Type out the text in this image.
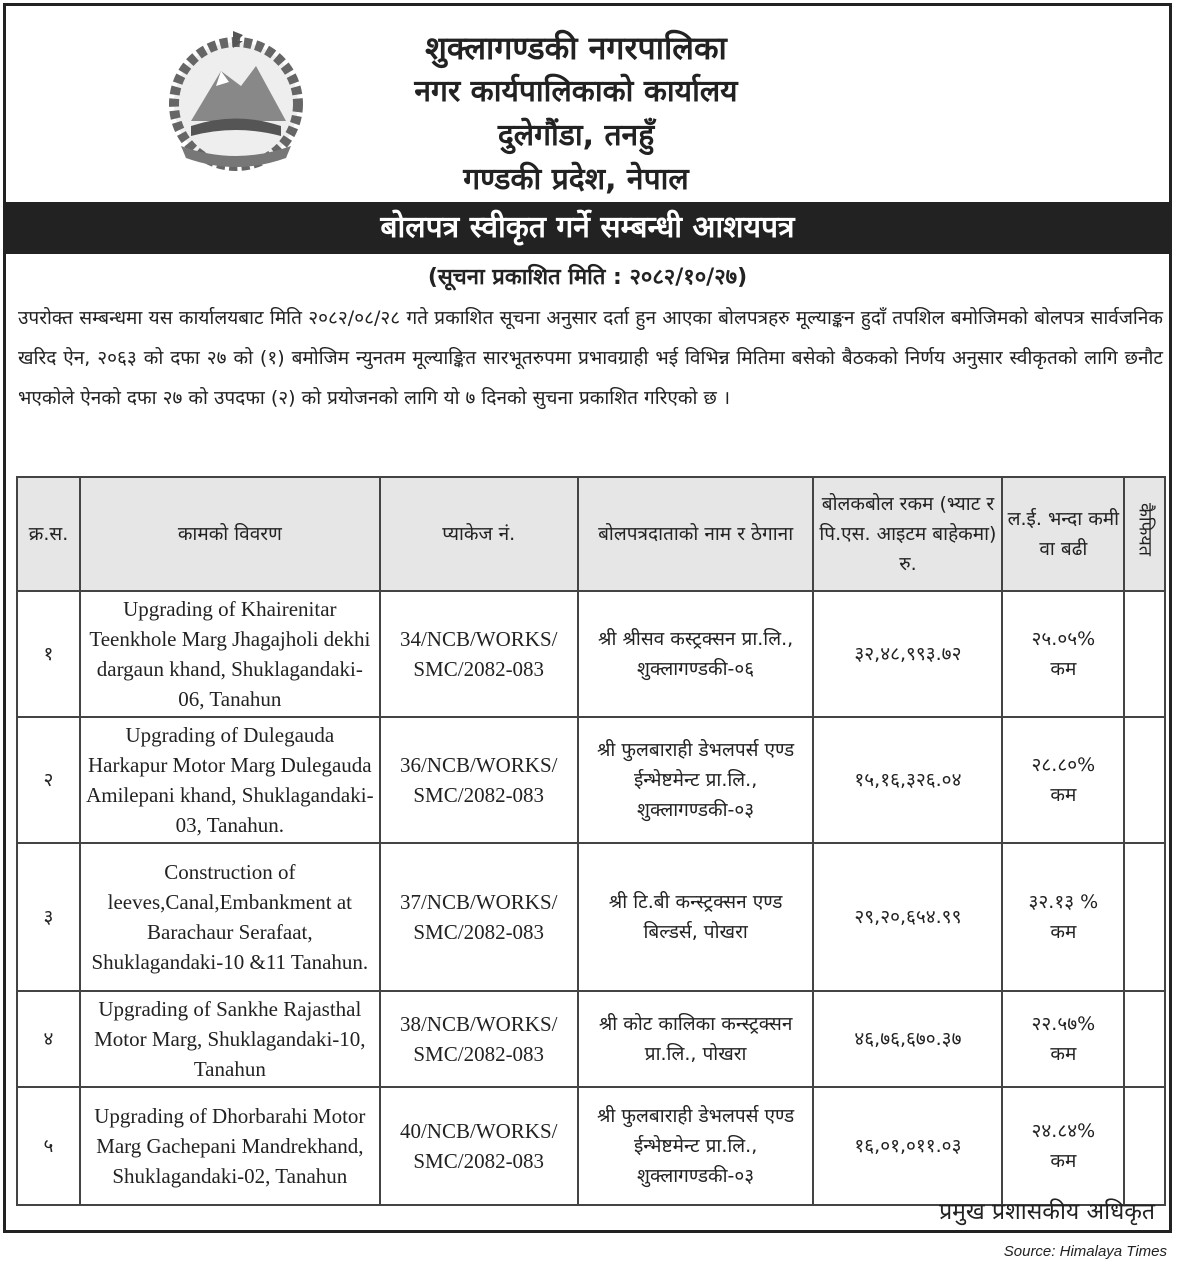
शुक्लागण्डकी नगरपालिका
नगर कार्यपालिकाको कार्यालय
दुलेगौंडा, तनहुँ
गण्डकी प्रदेश, नेपाल
बोलपत्र स्वीकृत गर्ने सम्बन्धी आशयपत्र
(सूचना प्रकाशित मिति : २०८२/१०/२७)
उपरोक्त सम्बन्धमा यस कार्यालयबाट मिति २०८२/०८/२८ गते प्रकाशित सूचना अनुसार दर्ता हुन आएका बोलपत्रहरु मूल्याङ्कन हुदाँ तपशिल बमोजिमको बोलपत्र सार्वजनिक खरिद ऐन, २०६३ को दफा २७ को (१) बमोजिम न्युनतम मूल्याङ्कित सारभूतरुपमा प्रभावग्राही भई विभिन्न मितिमा बसेको बैठकको निर्णय अनुसार स्वीकृतको लागि छनौट भएकोले ऐनको दफा २७ को उपदफा (२) को प्रयोजनको लागि यो ७ दिनको सुचना प्रकाशित गरिएको छ ।
क्र.स.	कामको विवरण	प्याकेज नं.	बोलपत्रदाताको नाम र ठेगाना	बोलकबोल रकम (भ्याट र पि.एस. आइटम बाहेकमा) रु.	ल.ई. भन्दा कमी वा बढी	कैफियत
१	Upgrading of Khairenitar Teenkhole Marg Jhagajholi dekhi dargaun khand, Shuklagandaki-06, Tanahun	34/NCB/WORKS/ SMC/2082-083	श्री श्रीसव कस्ट्रक्सन प्रा.लि., शुक्लागण्डकी-०६	३२,४८,९९३.७२	२५.०५%
कम	

२	Upgrading of Dulegauda Harkapur Motor Marg Dulegauda Amilepani khand, Shuklagandaki-03, Tanahun.	36/NCB/WORKS/ SMC/2082-083	श्री फुलबाराही डेभलपर्स एण्ड ईन्भेष्टमेन्ट प्रा.लि., शुक्लागण्डकी-०३	१५,१६,३२६.०४	२८.८०%
कम	

३	Construction of leeves,Canal,Embankment at Barachaur Serafaat, Shuklagandaki-10 &11 Tanahun.	37/NCB/WORKS/ SMC/2082-083	श्री टि.बी कन्स्ट्रक्सन एण्ड बिल्डर्स, पोखरा	२९,२०,६५४.९९	३२.१३ %
कम	

४	Upgrading of Sankhe Rajasthal Motor Marg, Shuklagandaki-10, Tanahun	38/NCB/WORKS/ SMC/2082-083	श्री कोट कालिका कन्स्ट्रक्सन प्रा.लि., पोखरा	४६,७६,६७०.३७	२२.५७%
कम	

५	Upgrading of Dhorbarahi Motor Marg Gachepani Mandrekhand, Shuklagandaki-02, Tanahun	40/NCB/WORKS/ SMC/2082-083	श्री फुलबाराही डेभलपर्स एण्ड ईन्भेष्टमेन्ट प्रा.लि., शुक्लागण्डकी-०३	१६,०१,०११.०३	२४.८४%
कम	

प्रमुख प्रशासकीय अधिकृत
Source: Himalaya Times
